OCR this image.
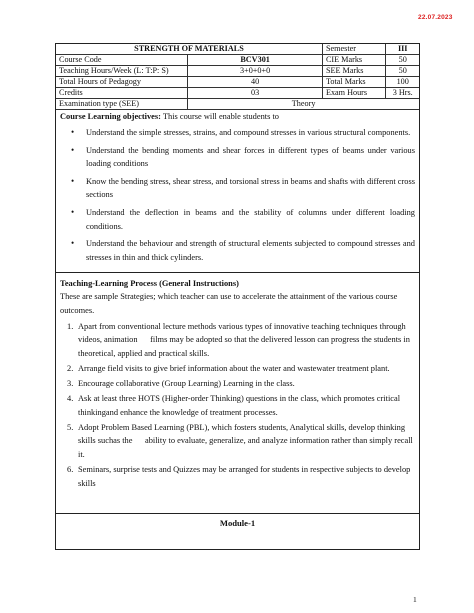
22.07.2023
STRENGTH OF MATERIALS		Semester	III
Course Code	BCV301	CIE Marks	50
Teaching Hours/Week (L: T:P: S)	3+0+0+0	SEE Marks	50
Total Hours of Pedagogy	40	Total Marks	100
Credits	03	Exam Hours	3 Hrs.
Examination type (SEE)	Theory		
Course Learning objectives: This course will enable students to
• Understand the simple stresses, strains, and compound stresses in various structural components.
• Understand the bending moments and shear forces in different types of beams under various loading conditions
• Know the bending stress, shear stress, and torsional stress in beams and shafts with different cross sections
• Understand the deflection in beams and the stability of columns under different loading conditions.
• Understand the behaviour and strength of structural elements subjected to compound stresses and stresses in thin and thick cylinders.
Teaching-Learning Process (General Instructions)
These are sample Strategies; which teacher can use to accelerate the attainment of the various course outcomes.
1. Apart from conventional lecture methods various types of innovative teaching techniques through videos, animation      films may be adopted so that the delivered lesson can progress the students in theoretical, applied and practical skills.
2. Arrange field visits to give brief information about the water and wastewater treatment plant.
3. Encourage collaborative (Group Learning) Learning in the class.
4. Ask at least three HOTS (Higher-order Thinking) questions in the class, which promotes critical thinkingand enhance the knowledge of treatment processes.
5. Adopt Problem Based Learning (PBL), which fosters students, Analytical skills, develop thinking skills suchas the      ability to evaluate, generalize, and analyze information rather than simply recall it.
6. Seminars, surprise tests and Quizzes may be arranged for students in respective subjects to develop skills
Module-1
1
